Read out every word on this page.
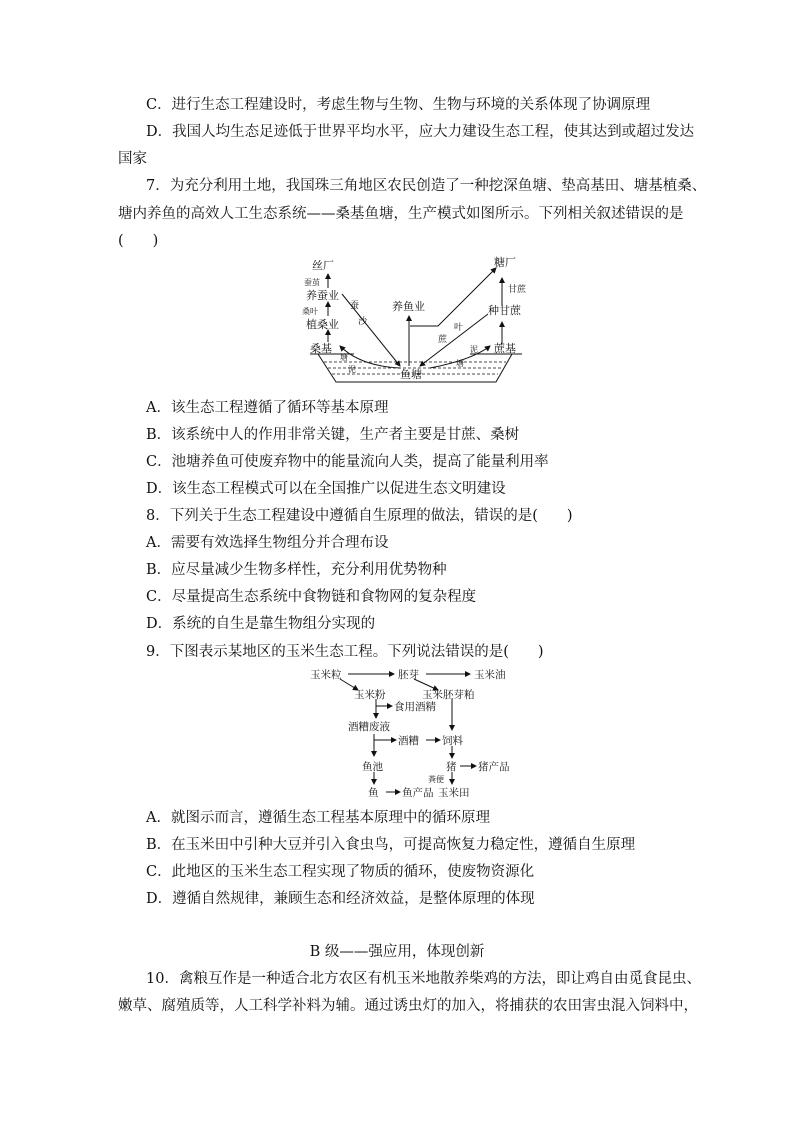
C．进行生态工程建设时，考虑生物与生物、生物与环境的关系体现了协调原理
D．我国人均生态足迹低于世界平均水平，应大力建设生态工程，使其达到或超过发达
国家
7．为充分利用土地，我国珠三角地区农民创造了一种挖深鱼塘、垫高基田、塘基植桑、
塘内养鱼的高效人工生态系统——桑基鱼塘，生产模式如图所示。下列相关叙述错误的是
(　　)
丝厂
蚕茧
养蚕业
桑叶
植桑业
桑基
蚕
沙
养鱼业
糖厂
甘蔗
种甘蔗
蔗
叶
蔗基
塘
泥
泥
塘
鱼塘
A．该生态工程遵循了循环等基本原理
B．该系统中人的作用非常关键，生产者主要是甘蔗、桑树
C．池塘养鱼可使废弃物中的能量流向人类，提高了能量利用率
D．该生态工程模式可以在全国推广以促进生态文明建设
8．下列关于生态工程建设中遵循自生原理的做法，错误的是(　　)
A．需要有效选择生物组分并合理布设
B．应尽量减少生物多样性，充分利用优势物种
C．尽量提高生态系统中食物链和食物网的复杂程度
D．系统的自生是靠生物组分实现的
9．下图表示某地区的玉米生态工程。下列说法错误的是(　　)
玉米粒	胚芽	玉米油
玉米粉	玉米胚芽粕
食用酒精
酒糟废液
酒糟 饲料
鱼池	猪 猪产品
粪便
鱼 鱼产品 玉米田
A．就图示而言，遵循生态工程基本原理中的循环原理
B．在玉米田中引种大豆并引入食虫鸟，可提高恢复力稳定性，遵循自生原理
C．此地区的玉米生态工程实现了物质的循环，使废物资源化
D．遵循自然规律，兼顾生态和经济效益，是整体原理的体现
B 级——强应用，体现创新
10．禽粮互作是一种适合北方农区有机玉米地散养柴鸡的方法，即让鸡自由觅食昆虫、
嫩草、腐殖质等，人工科学补料为辅。通过诱虫灯的加入，将捕获的农田害虫混入饲料中，
